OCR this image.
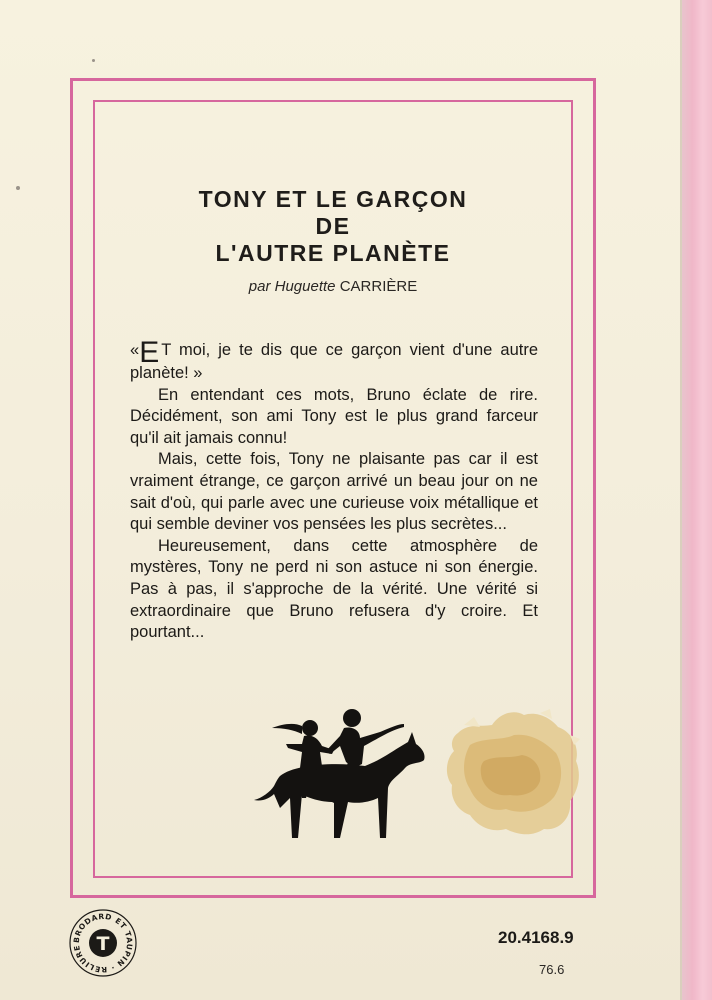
TONY ET LE GARÇON
DE
L'AUTRE PLANÈTE
par Huguette CARRIÈRE

«E T moi, je te dis que ce garçon vient d'une autre planète! »

En entendant ces mots, Bruno éclate de rire. Décidément, son ami Tony est le plus grand farceur qu'il ait jamais connu!

Mais, cette fois, Tony ne plaisante pas car il est vraiment étrange, ce garçon arrivé un beau jour on ne sait d'où, qui parle avec une curieuse voix métallique et qui semble deviner vos pensées les plus secrètes...

Heureusement, dans cette atmosphère de mystères, Tony ne perd ni son astuce ni son énergie. Pas à pas, il s'approche de la vérité. Une vérité si extraordinaire que Bruno refusera d'y croire. Et pourtant...

BRODARD ET TAUPIN · RELIURE T	20.4168.9
76.6
